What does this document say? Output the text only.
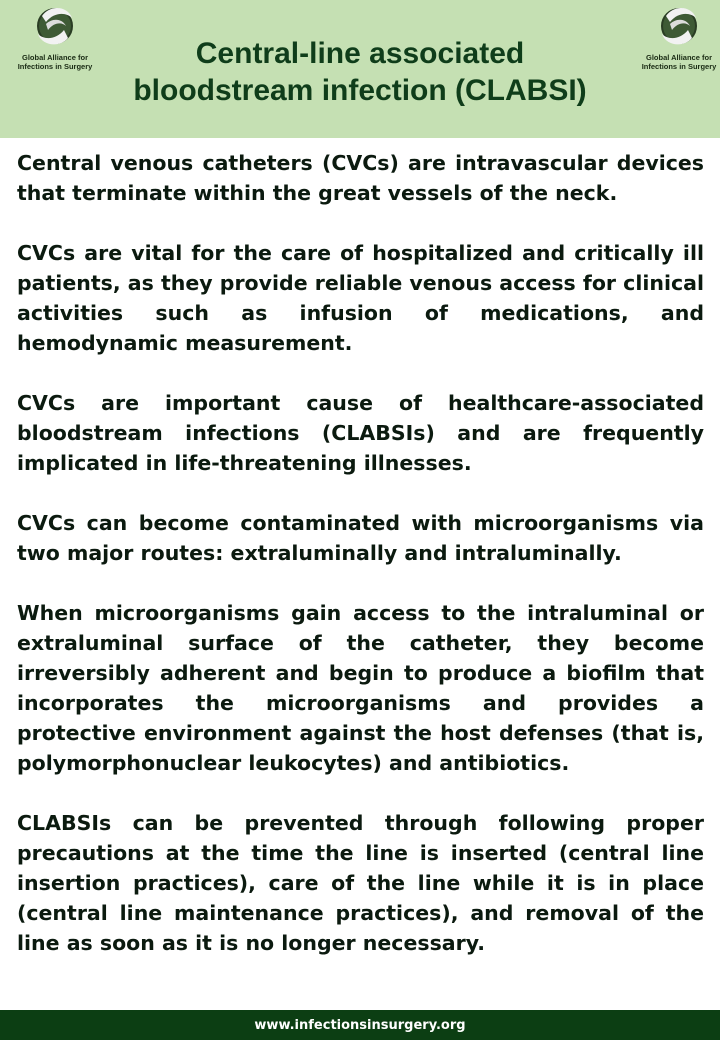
Global Alliance for
Infections in Surgery	Central-line associated
bloodstream infection (CLABSI)
Global Alliance for
Infections in Surgery

Central venous catheters (CVCs) are intravascular devices that terminate within the great vessels of the neck.

CVCs are vital for the care of hospitalized and critically ill patients, as they provide reliable venous access for clinical activities such as infusion of medications, and hemodynamic measurement.

CVCs are important cause of healthcare-associated bloodstream infections (CLABSIs) and are frequently implicated in life-threatening illnesses.

CVCs can become contaminated with microorganisms via two major routes: extraluminally and intraluminally.

When microorganisms gain access to the intraluminal or extraluminal surface of the catheter, they become irreversibly adherent and begin to produce a biofilm that incorporates the microorganisms and provides a protective environment against the host defenses (that is, polymorphonuclear leukocytes) and antibiotics.

CLABSIs can be prevented through following proper precautions at the time the line is inserted (central line insertion practices), care of the line while it is in place (central line maintenance practices), and removal of the line as soon as it is no longer necessary.

www.infectionsinsurgery.org
